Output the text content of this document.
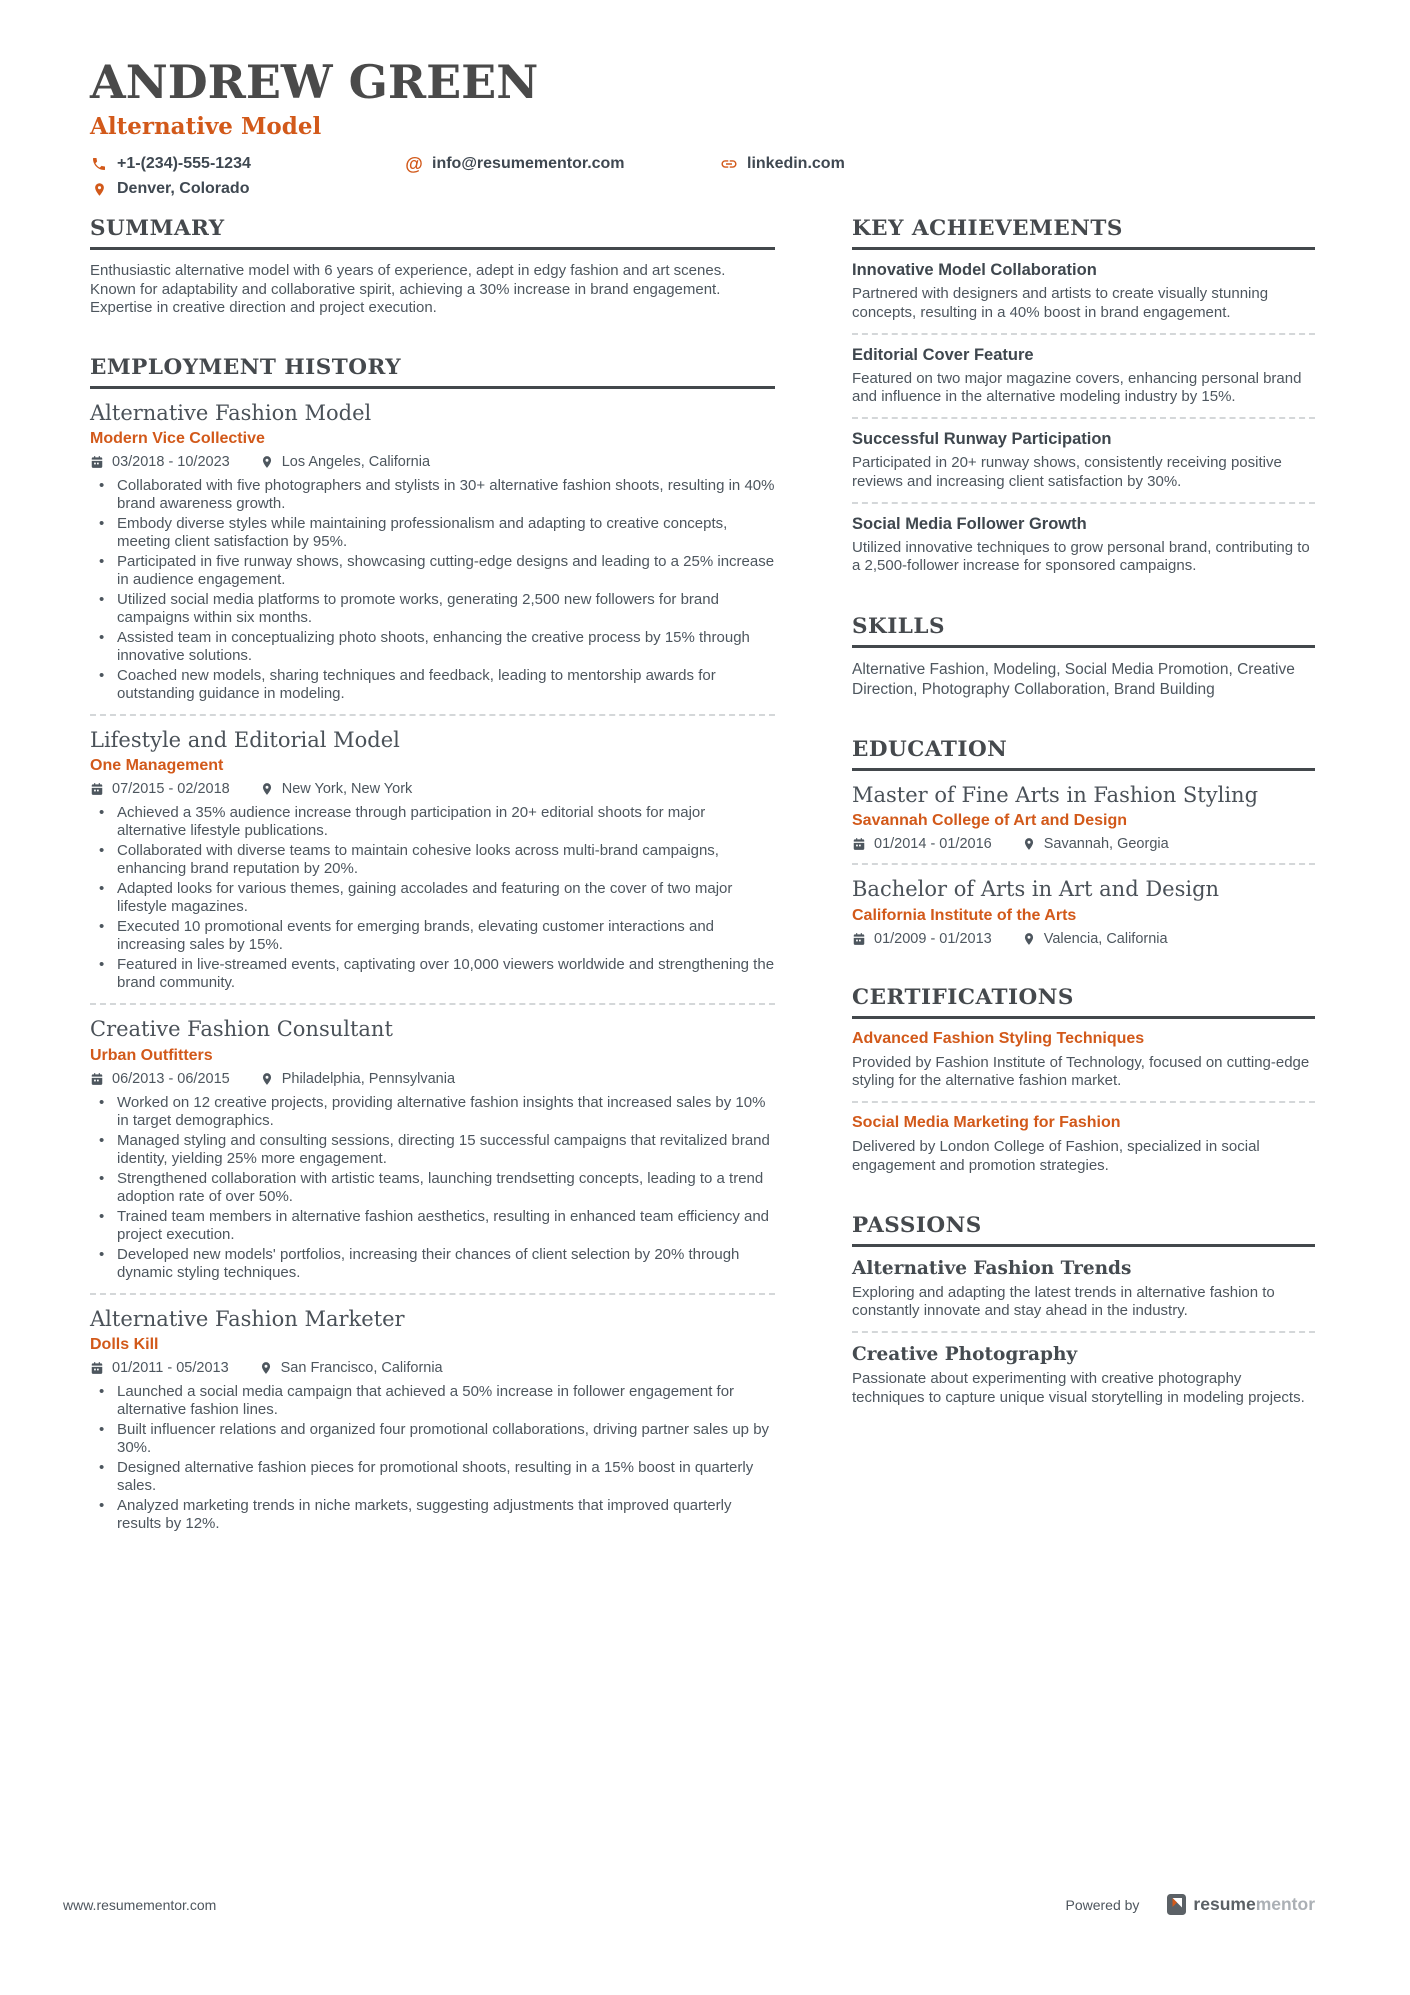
ANDREW GREEN
Alternative Model
+1-(234)-555-1234	@ info@resumementor.com	linkedin.com
Denver, Colorado
SUMMARY

Enthusiastic alternative model with 6 years of experience, adept in edgy fashion and art scenes. Known for adaptability and collaborative spirit, achieving a 30% increase in brand engagement. Expertise in creative direction and project execution.

EMPLOYMENT HISTORY
Alternative Fashion Model
Modern Vice Collective
03/2018 - 10/2023	Los Angeles, California
• Collaborated with five photographers and stylists in 30+ alternative fashion shoots, resulting in 40% brand awareness growth.
• Embody diverse styles while maintaining professionalism and adapting to creative concepts, meeting client satisfaction by 95%.
• Participated in five runway shows, showcasing cutting-edge designs and leading to a 25% increase in audience engagement.
• Utilized social media platforms to promote works, generating 2,500 new followers for brand campaigns within six months.
• Assisted team in conceptualizing photo shoots, enhancing the creative process by 15% through innovative solutions.
• Coached new models, sharing techniques and feedback, leading to mentorship awards for outstanding guidance in modeling.
Lifestyle and Editorial Model
One Management
07/2015 - 02/2018	New York, New York
• Achieved a 35% audience increase through participation in 20+ editorial shoots for major alternative lifestyle publications.
• Collaborated with diverse teams to maintain cohesive looks across multi-brand campaigns, enhancing brand reputation by 20%.
• Adapted looks for various themes, gaining accolades and featuring on the cover of two major lifestyle magazines.
• Executed 10 promotional events for emerging brands, elevating customer interactions and increasing sales by 15%.
• Featured in live-streamed events, captivating over 10,000 viewers worldwide and strengthening the brand community.
Creative Fashion Consultant
Urban Outfitters
06/2013 - 06/2015	Philadelphia, Pennsylvania
• Worked on 12 creative projects, providing alternative fashion insights that increased sales by 10% in target demographics.
• Managed styling and consulting sessions, directing 15 successful campaigns that revitalized brand identity, yielding 25% more engagement.
• Strengthened collaboration with artistic teams, launching trendsetting concepts, leading to a trend adoption rate of over 50%.
• Trained team members in alternative fashion aesthetics, resulting in enhanced team efficiency and project execution.
• Developed new models' portfolios, increasing their chances of client selection by 20% through dynamic styling techniques.
Alternative Fashion Marketer
Dolls Kill
01/2011 - 05/2013	San Francisco, California
• Launched a social media campaign that achieved a 50% increase in follower engagement for alternative fashion lines.
• Built influencer relations and organized four promotional collaborations, driving partner sales up by 30%.
• Designed alternative fashion pieces for promotional shoots, resulting in a 15% boost in quarterly sales.
• Analyzed marketing trends in niche markets, suggesting adjustments that improved quarterly results by 12%.
KEY ACHIEVEMENTS
Innovative Model Collaboration

Partnered with designers and artists to create visually stunning concepts, resulting in a 40% boost in brand engagement.

Editorial Cover Feature

Featured on two major magazine covers, enhancing personal brand and influence in the alternative modeling industry by 15%.

Successful Runway Participation

Participated in 20+ runway shows, consistently receiving positive reviews and increasing client satisfaction by 30%.

Social Media Follower Growth

Utilized innovative techniques to grow personal brand, contributing to a 2,500-follower increase for sponsored campaigns.

SKILLS

Alternative Fashion, Modeling, Social Media Promotion, Creative Direction, Photography Collaboration, Brand Building

EDUCATION
Master of Fine Arts in Fashion Styling
Savannah College of Art and Design
01/2014 - 01/2016	Savannah, Georgia
Bachelor of Arts in Art and Design
California Institute of the Arts
01/2009 - 01/2013	Valencia, California
CERTIFICATIONS
Advanced Fashion Styling Techniques

Provided by Fashion Institute of Technology, focused on cutting-edge styling for the alternative fashion market.

Social Media Marketing for Fashion

Delivered by London College of Fashion, specialized in social engagement and promotion strategies.

PASSIONS
Alternative Fashion Trends

Exploring and adapting the latest trends in alternative fashion to constantly innovate and stay ahead in the industry.

Creative Photography

Passionate about experimenting with creative photography techniques to capture unique visual storytelling in modeling projects.

www.resumementor.com	Powered by	resumementor
